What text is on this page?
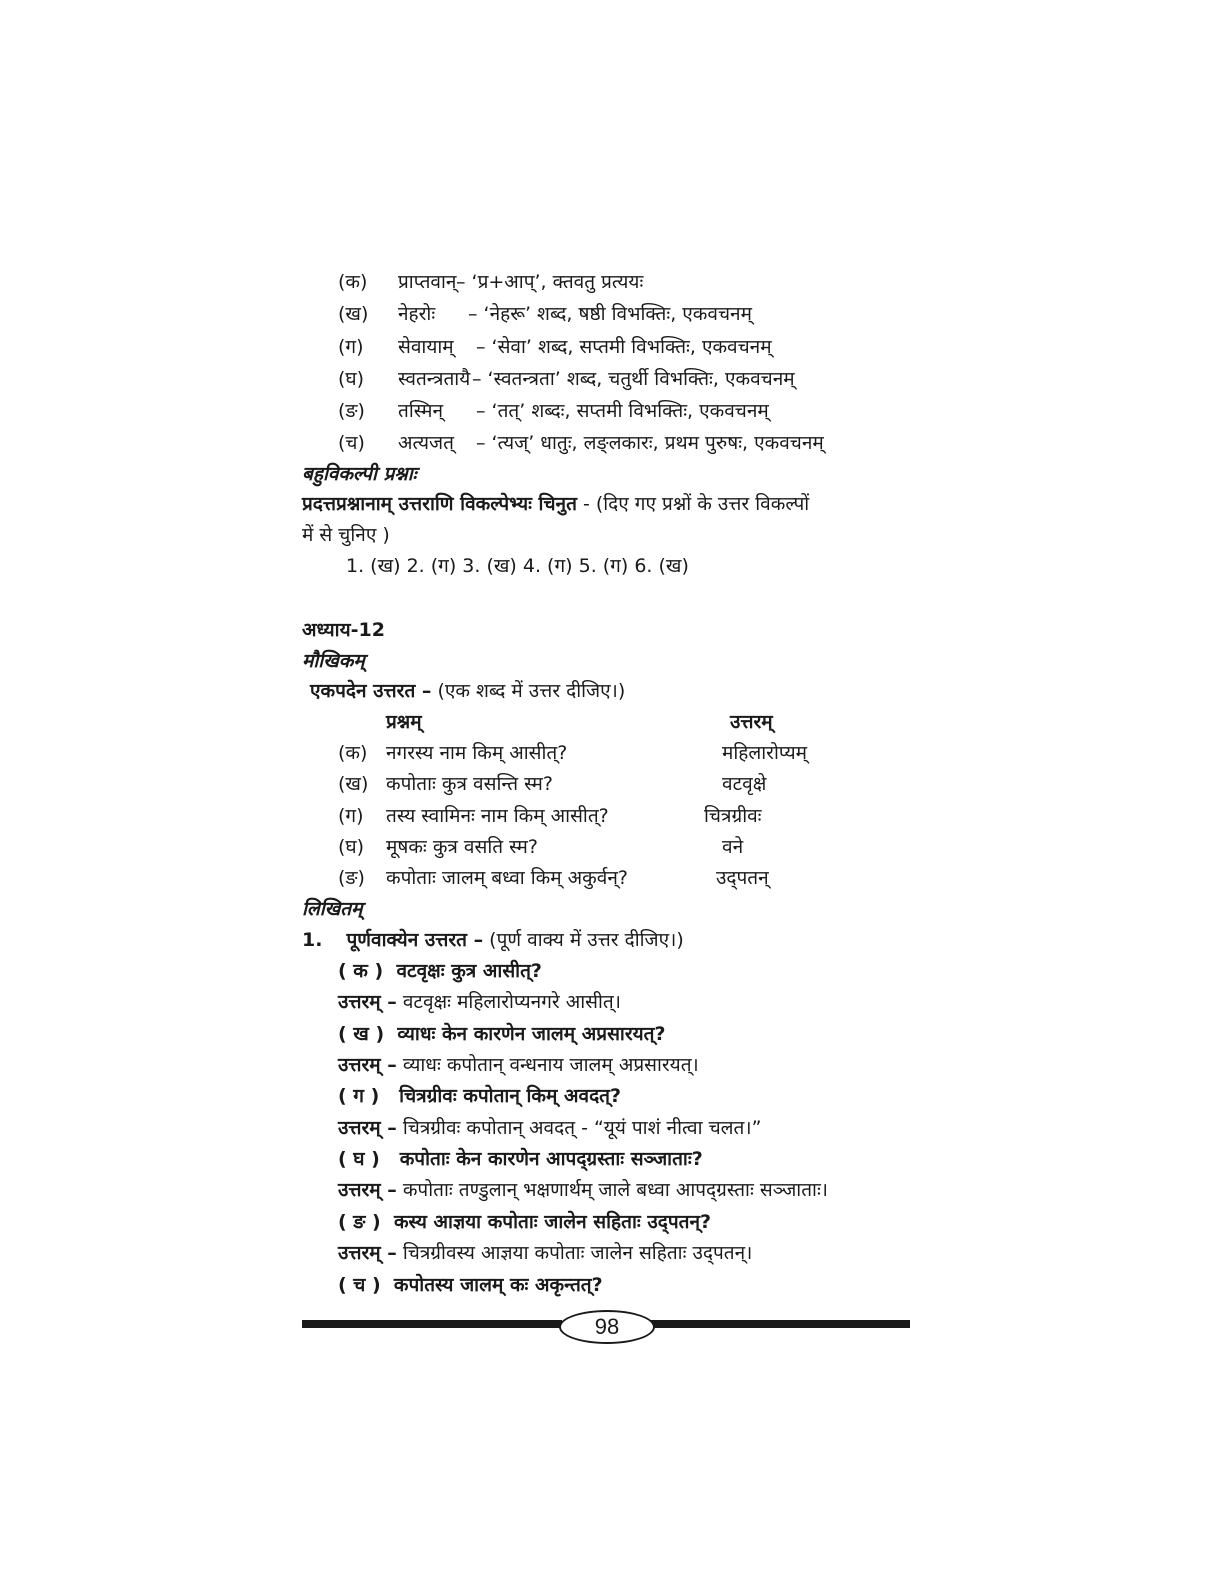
(क) प्राप्तवान् – ‘प्र+आप्’, क्तवतु प्रत्ययः
(ख) नेहरोः – ‘नेहरू’ शब्द, षष्ठी विभक्तिः, एकवचनम्
(ग) सेवायाम् – ‘सेवा’ शब्द, सप्तमी विभक्तिः, एकवचनम्
(घ) स्वतन्त्रतायै – ‘स्वतन्त्रता’ शब्द, चतुर्थी विभक्तिः, एकवचनम्
(ङ) तस्मिन् – ‘तत्’ शब्दः, सप्तमी विभक्तिः, एकवचनम्
(च) अत्यजत् – ‘त्यज्’ धातुः, लङ्लकारः, प्रथम पुरुषः, एकवचनम्
बहुविकल्पी प्रश्नाः
प्रदत्तप्रश्नानाम् उत्तराणि विकल्पेभ्यः चिनुत - (दिए गए प्रश्नों के उत्तर विकल्पों
में से चुनिए )
1. (ख) 2. (ग) 3. (ख) 4. (ग) 5. (ग) 6. (ख)
अध्याय-12
मौखिकम्
एकपदेन उत्तरत – (एक शब्द में उत्तर दीजिए।)
प्रश्नम्	उत्तरम्
(क) नगरस्य नाम किम् आसीत्?	महिलारोप्यम्
(ख) कपोताः कुत्र वसन्ति स्म?	वटवृक्षे
(ग) तस्य स्वामिनः नाम किम् आसीत्?	चित्रग्रीवः
(घ) मूषकः कुत्र वसति स्म?	वने
(ङ) कपोताः जालम् बध्वा किम् अकुर्वन्?	उद्पतन्
लिखितम्
1. पूर्णवाक्येन उत्तरत – (पूर्ण वाक्य में उत्तर दीजिए।)
( क ) वटवृक्षः कुत्र आसीत्?
उत्तरम् – वटवृक्षः महिलारोप्यनगरे आसीत्।
( ख ) व्याधः केन कारणेन जालम् अप्रसारयत्?
उत्तरम् – व्याधः कपोतान् वन्धनाय जालम् अप्रसारयत्।
( ग ) चित्रग्रीवः कपोतान् किम् अवदत्?
उत्तरम् – चित्रग्रीवः कपोतान् अवदत् - “यूयं पाशं नीत्वा चलत।”
( घ ) कपोताः केन कारणेन आपद्ग्रस्ताः सञ्जाताः?
उत्तरम् – कपोताः तण्डुलान् भक्षणार्थम् जाले बध्वा आपद्ग्रस्ताः सञ्जाताः।
( ङ ) कस्य आज्ञया कपोताः जालेन सहिताः उद्पतन्?
उत्तरम् – चित्रग्रीवस्य आज्ञया कपोताः जालेन सहिताः उद्पतन्।
( च ) कपोतस्य जालम् कः अकृन्तत्?
98
